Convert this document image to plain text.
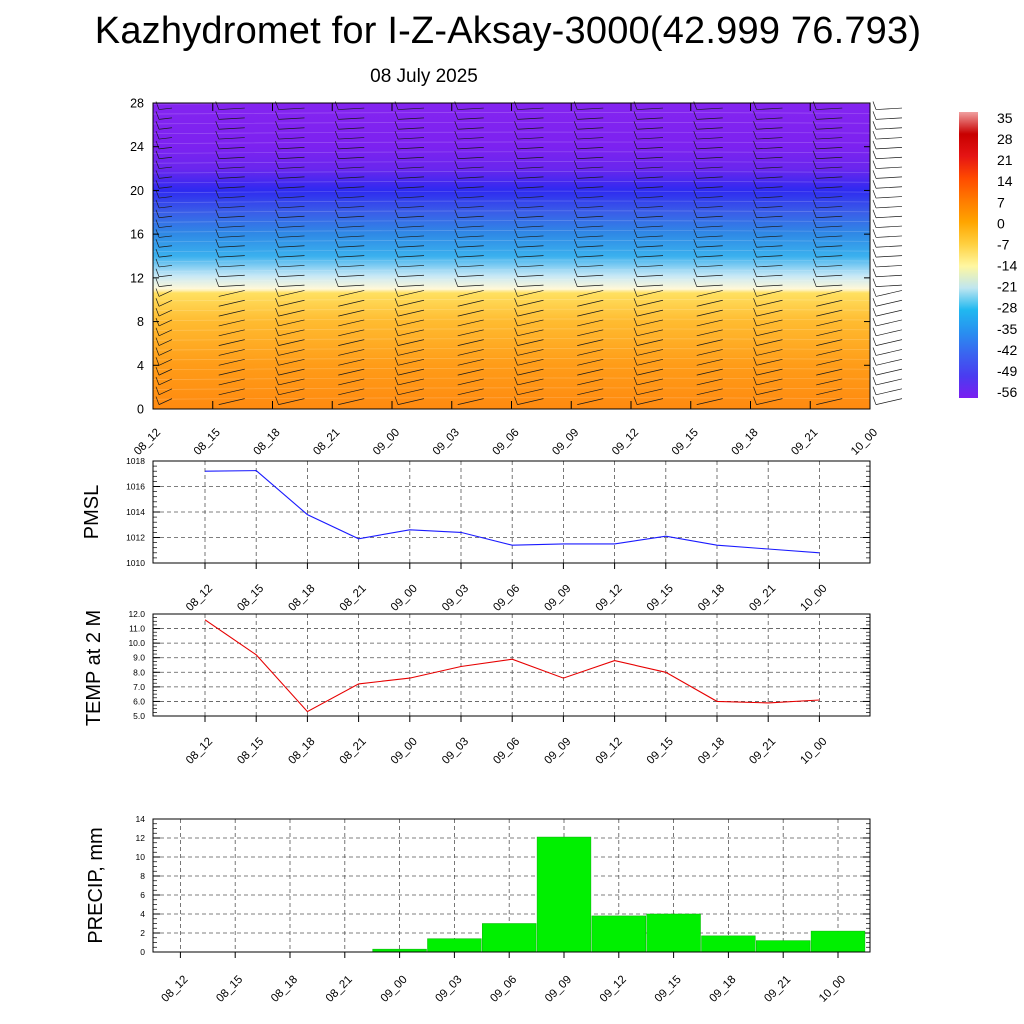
Kazhydromet for I-Z-Aksay-3000(42.999 76.793)
08 July 2025
0
4
8
12
16
20
24
28
08_12 08_15 08_18 08_21 09_00 09_03 09_06 09_09 09_12 09_15 09_18 09_21 10_00
35
28
21
14
7
0
-7
-14
-21
-28
-35
-42
-49
-56
08_12 08_15 08_18 08_21 09_00 09_03 09_06 09_09 09_12 09_15 09_18 09_21 10_00
1010
1012
1014
1016
1018
PMSL
08_12 08_15 08_18 08_21 09_00 09_03 09_06 09_09 09_12 09_15 09_18 09_21 10_00
5.0
6.0
7.0
8.0
9.0
10.0
11.0
12.0
TEMP at 2 M
0
2
4
6
8
10
12
14
08_12 08_15 08_18 08_21 09_00 09_03 09_06 09_09 09_12 09_15 09_18 09_21 10_00
PRECIP, mm
